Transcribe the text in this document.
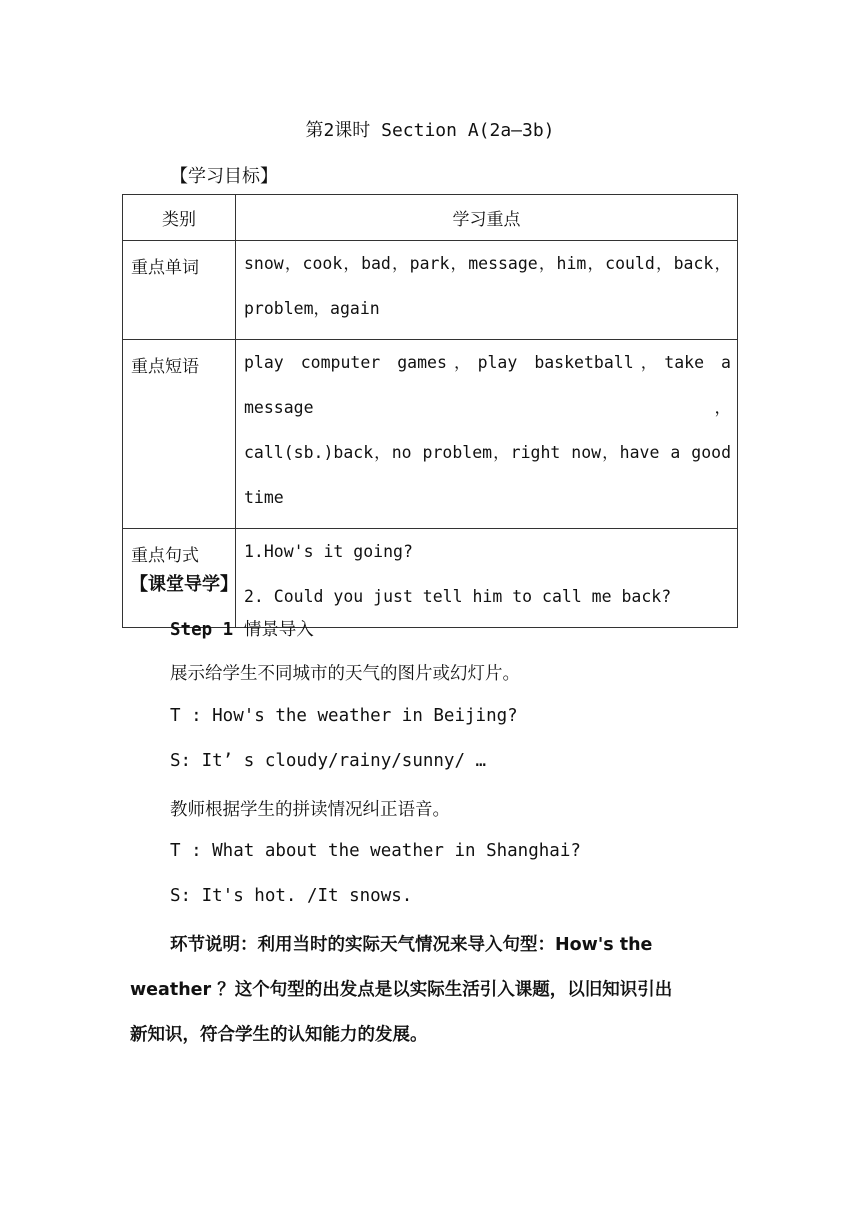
第2课时 Section A(2a—3b)
【学习目标】
类别	学习重点
重点单词	snow，cook，bad，park，message，him，could，back，
problem，again

重点短语	play computer games，play basketball，take a message，
call(sb.)back，no problem，right now，have a good
time

重点句式	1.How's it going?
2. Could you just tell him to call me back?
【课堂导学】
Step 1 情景导入
展示给学生不同城市的天气的图片或幻灯片。
T : How's the weather in Beijing?
S: It’ s cloudy/rainy/sunny/ …
教师根据学生的拼读情况纠正语音。
T : What about the weather in Shanghai?
S: It's hot. /It snows.
环节说明：利用当时的实际天气情况来导入句型：How's the
weather ？这个句型的出发点是以实际生活引入课题，以旧知识引出
新知识，符合学生的认知能力的发展。
